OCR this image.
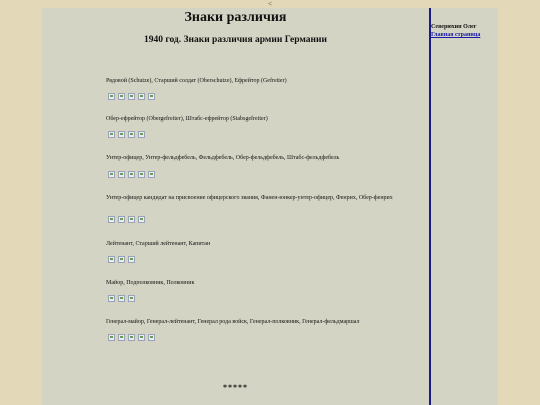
<
Знаки различия
1940 год. Знаки различия армии Германии
Рядовой (Schutze), Старший солдат (Oberschutze), Ефрейтор (Gefreiter)
Обер-ефрейтор (Obergefreiter), Штабс-ефрейтор (Stabsgefreiter)
Унтер-офицер, Унтер-фельдфебель, Фельдфебель, Обер-фельдфебель, Штабс-фельдфебель
Унтер-офицер кандидат на присвоение офицерского звания, Фанен-юнкер-унтер-офицер, Фенрих, Обер-фенрих
Лейтенант, Старший лейтенант, Капитан
Майор, Подполковник, Полковник
Генерал-майор, Генерал-лейтенант, Генерал рода войск, Генерал-полковник, Генерал-фельдмаршал
*****
Северюхин Олег
Главная страница
